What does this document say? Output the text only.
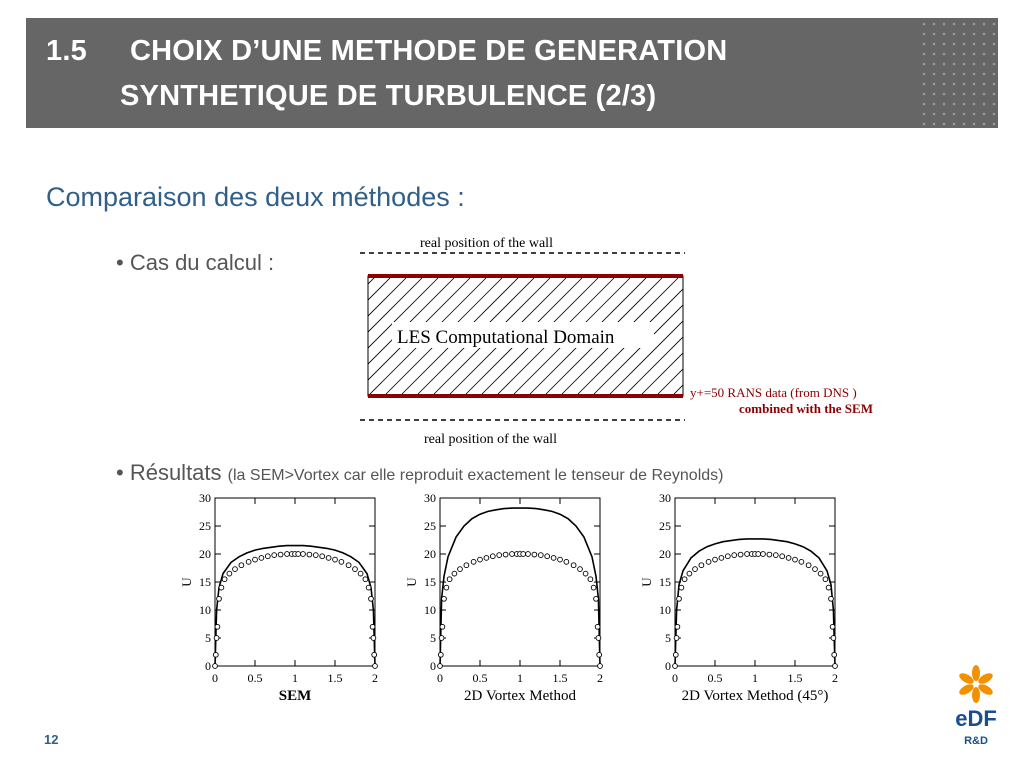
1.5 CHOIX D’UNE METHODE DE GENERATION
SYNTHETIQUE DE TURBULENCE (2/3)
Comparaison des deux méthodes :
• Cas du calcul :
• Résultats (la SEM>Vortex car elle reproduit exactement le tenseur de Reynolds)
real position of the wall
LES Computational Domain
real position of the wall
y+=50 RANS data (from DNS )
combined with the SEM
0
5
10
15
20
25
30
0 0.5 1 1.5 2
U
SEM
0
5
10
15
20
25
30
0 0.5 1 1.5 2
U
2D Vortex Method
0
5
10
15
20
25
30
0 0.5 1 1.5 2
U
2D Vortex Method (45°)
12
eDF
R&D
